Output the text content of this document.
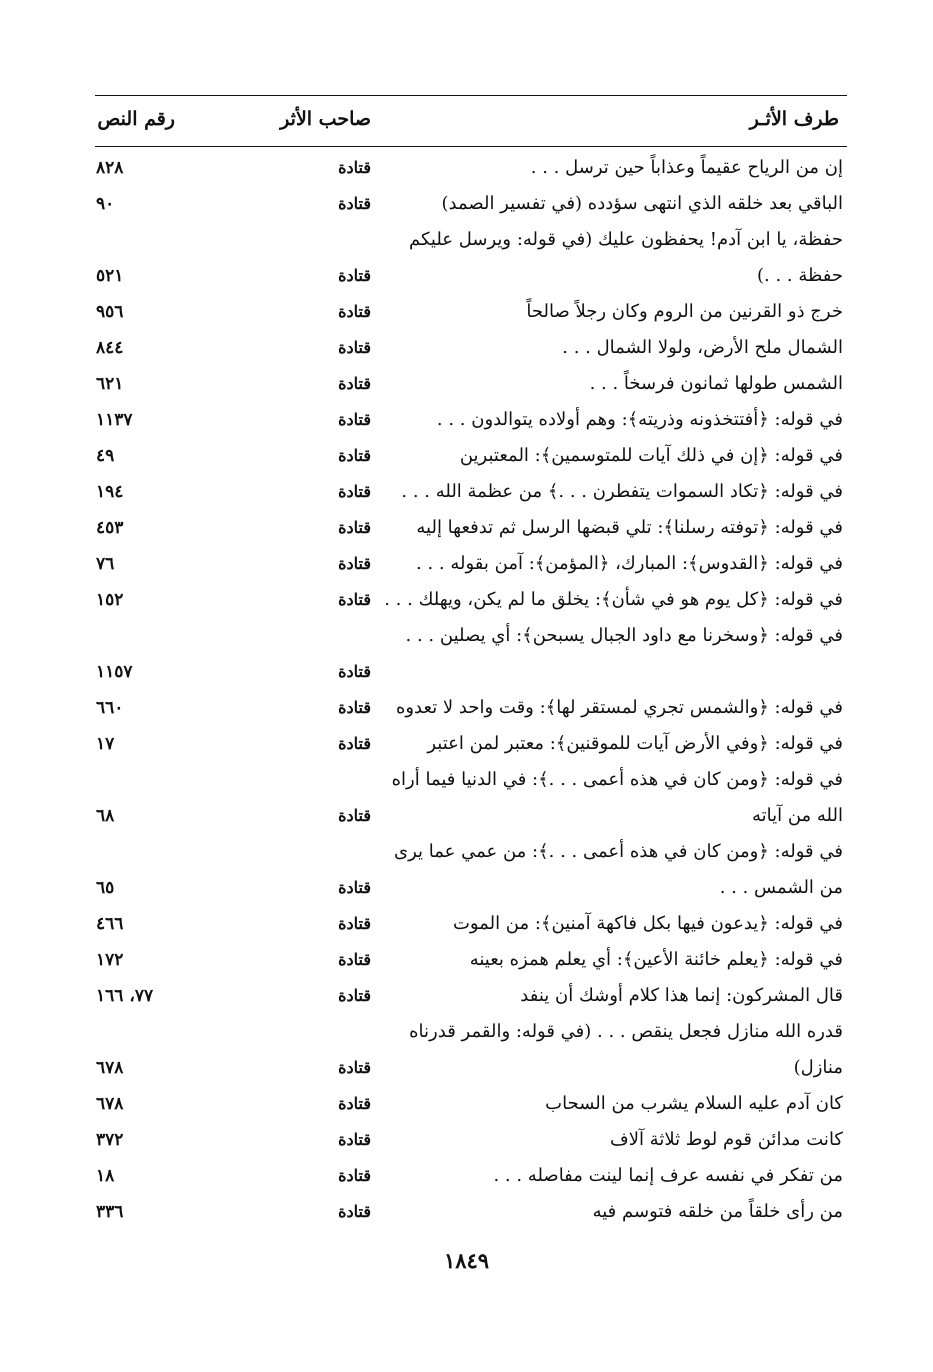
طرف الأثـر
صاحب الأثر
رقم النص
إن من الرياح عقيماً وعذاباً حين ترسل . . .
قتادة
٨٢٨
الباقي بعد خلقه الذي انتهى سؤدده (في تفسير الصمد)
قتادة
٩٠
حفظة، يا ابن آدم! يحفظون عليك (في قوله: ويرسل عليكم حفظة . . .)
قتادة
٥٢١
خرج ذو القرنين من الروم وكان رجلاً صالحاً
قتادة
٩٥٦
الشمال ملح الأرض، ولولا الشمال . . .
قتادة
٨٤٤
الشمس طولها ثمانون فرسخاً . . .
قتادة
٦٢١
في قوله: ﴿أفتتخذونه وذريته﴾: وهم أولاده يتوالدون . . .
قتادة
١١٣٧
في قوله: ﴿إن في ذلك آيات للمتوسمين﴾: المعتبرين
قتادة
٤٩
في قوله: ﴿تكاد السموات يتفطرن . . .﴾ من عظمة الله . . .
قتادة
١٩٤
في قوله: ﴿توفته رسلنا﴾: تلي قبضها الرسل ثم تدفعها إليه
قتادة
٤٥٣
في قوله: ﴿القدوس﴾: المبارك، ﴿المؤمن﴾: آمن بقوله . . .
قتادة
٧٦
في قوله: ﴿كل يوم هو في شأن﴾: يخلق ما لم يكن، ويهلك . . .
قتادة
١٥٢
في قوله: ﴿وسخرنا مع داود الجبال يسبحن﴾: أي يصلين . . .
قتادة
١١٥٧
في قوله: ﴿والشمس تجري لمستقر لها﴾: وقت واحد لا تعدوه
قتادة
٦٦٠
في قوله: ﴿وفي الأرض آيات للموقنين﴾: معتبر لمن اعتبر
قتادة
١٧
في قوله: ﴿ومن كان في هذه أعمى . . .﴾: في الدنيا فيما أراه الله من آياته
قتادة
٦٨
في قوله: ﴿ومن كان في هذه أعمى . . .﴾: من عمي عما يرى من الشمس . . .
قتادة
٦٥
في قوله: ﴿يدعون فيها بكل فاكهة آمنين﴾: من الموت
قتادة
٤٦٦
في قوله: ﴿يعلم خائنة الأعين﴾: أي يعلم همزه بعينه
قتادة
١٧٢
قال المشركون: إنما هذا كلام أوشك أن ينفد
قتادة
٧٧، ١٦٦
قدره الله منازل فجعل ينقص . . . (في قوله: والقمر قدرناه منازل)
قتادة
٦٧٨
كان آدم عليه السلام يشرب من السحاب
قتادة
٦٧٨
كانت مدائن قوم لوط ثلاثة آلاف
قتادة
٣٧٢
من تفكر في نفسه عرف إنما لينت مفاصله . . .
قتادة
١٨
من رأى خلقاً من خلقه فتوسم فيه
قتادة
٣٣٦
١٨٤٩
